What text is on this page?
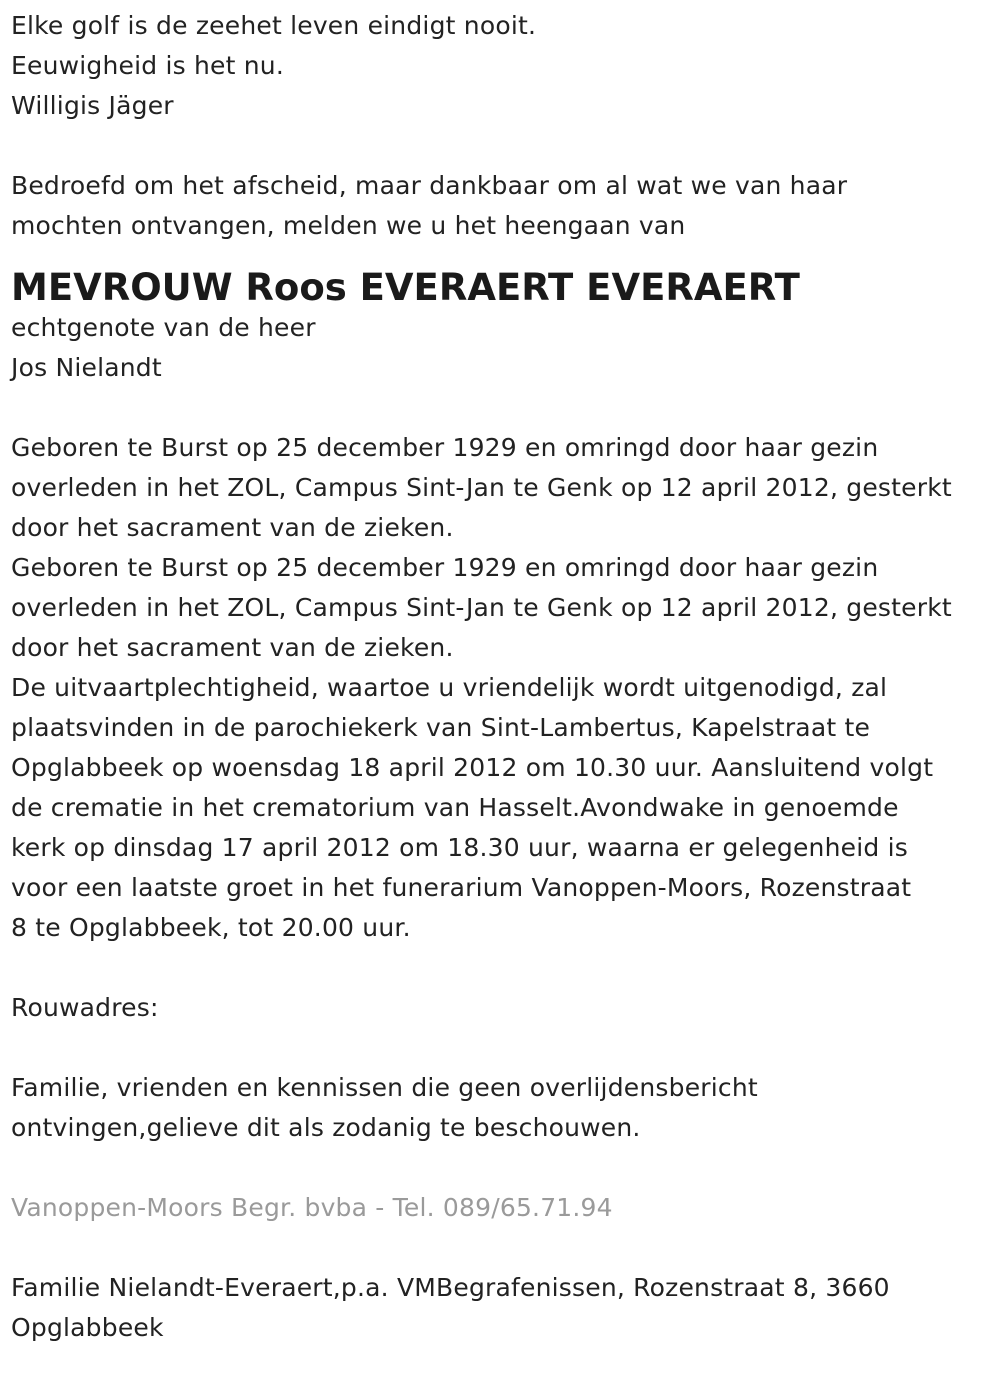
Elke golf is de zeehet leven eindigt nooit.
Eeuwigheid is het nu.
Willigis Jäger
Bedroefd om het afscheid, maar dankbaar om al wat we van haar
mochten ontvangen, melden we u het heengaan van
MEVROUW Roos EVERAERT EVERAERT
echtgenote van de heer
Jos Nielandt
Geboren te Burst op 25 december 1929 en omringd door haar gezin
overleden in het ZOL, Campus Sint-Jan te Genk op 12 april 2012, gesterkt
door het sacrament van de zieken.
Geboren te Burst op 25 december 1929 en omringd door haar gezin
overleden in het ZOL, Campus Sint-Jan te Genk op 12 april 2012, gesterkt
door het sacrament van de zieken.
De uitvaartplechtigheid, waartoe u vriendelijk wordt uitgenodigd, zal
plaatsvinden in de parochiekerk van Sint-Lambertus, Kapelstraat te
Opglabbeek op woensdag 18 april 2012 om 10.30 uur. Aansluitend volgt
de crematie in het crematorium van Hasselt.Avondwake in genoemde
kerk op dinsdag 17 april 2012 om 18.30 uur, waarna er gelegenheid is
voor een laatste groet in het funerarium Vanoppen-Moors, Rozenstraat
8 te Opglabbeek, tot 20.00 uur.
Rouwadres:
Familie, vrienden en kennissen die geen overlijdensbericht
ontvingen,gelieve dit als zodanig te beschouwen.
Vanoppen-Moors Begr. bvba - Tel. 089/65.71.94
Familie Nielandt-Everaert,p.a. VMBegrafenissen, Rozenstraat 8, 3660
Opglabbeek
